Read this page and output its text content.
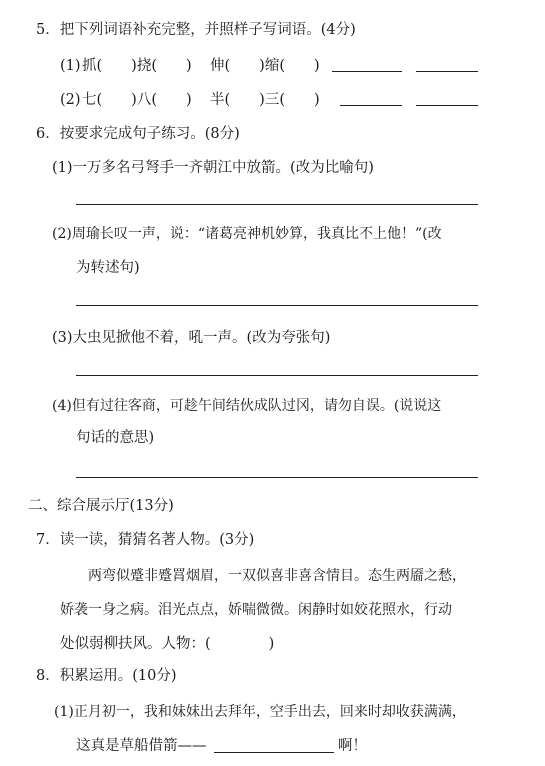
5．把下列词语补充完整，并照样子写词语。(4分)
(1) 抓(　　)挠(　　) 伸(　　)缩(　　)
(2) 七(　　)八(　　) 半(　　)三(　　)
6．按要求完成句子练习。(8分)
(1)一万多名弓弩手一齐朝江中放箭。(改为比喻句)
(2)周瑜长叹一声，说：“诸葛亮神机妙算，我真比不上他！”(改
为转述句)
(3)大虫见掀他不着，吼一声。(改为夸张句)
(4)但有过往客商，可趁午间结伙成队过冈，请勿自误。(说说这
句话的意思)
二、综合展示厅(13分)
7．读一读，猜猜名著人物。(3分)
两弯似蹙非蹙罥烟眉，一双似喜非喜含情目。态生两靥之愁，
娇袭一身之病。泪光点点，娇喘微微。闲静时如姣花照水，行动
处似弱柳扶风。人物：(　　　　)
8．积累运用。(10分)
(1)正月初一，我和妹妹出去拜年，空手出去，回来时却收获满满，
这真是草船借箭——	啊！
